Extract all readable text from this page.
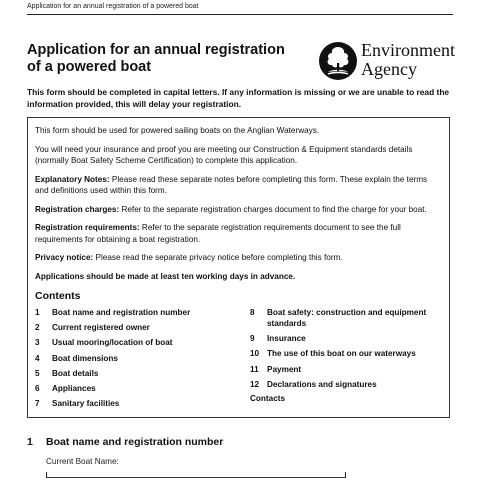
Application for an annual registration of a powered boat
Application for an annual registration
of a powered boat
Environment
Agency
This form should be completed in capital letters. If any information is missing or we are unable to read the information provided, this will delay your registration.

This form should be used for powered sailing boats on the Anglian Waterways.

You will need your insurance and proof you are meeting our Construction & Equipment standards details (normally Boat Safety Scheme Certification) to complete this application.

Explanatory Notes: Please read these separate notes before completing this form. These explain the terms and definitions used within this form.

Registration charges: Refer to the separate registration charges document to find the charge for your boat.

Registration requirements: Refer to the separate registration requirements document to see the full requirements for obtaining a boat registration.

Privacy notice: Please read the separate privacy notice before completing this form.

Applications should be made at least ten working days in advance.

Contents
1	Boat name and registration number
2	Current registered owner
3	Usual mooring/location of boat
4	Boat dimensions
5	Boat details
6	Appliances
7	Sanitary facilities
8	Boat safety: construction and equipment standards
9	Insurance
10 The use of this boat on our waterways
11	Payment
12 Declarations and signatures
Contacts
1 Boat name and registration number
Current Boat Name:
